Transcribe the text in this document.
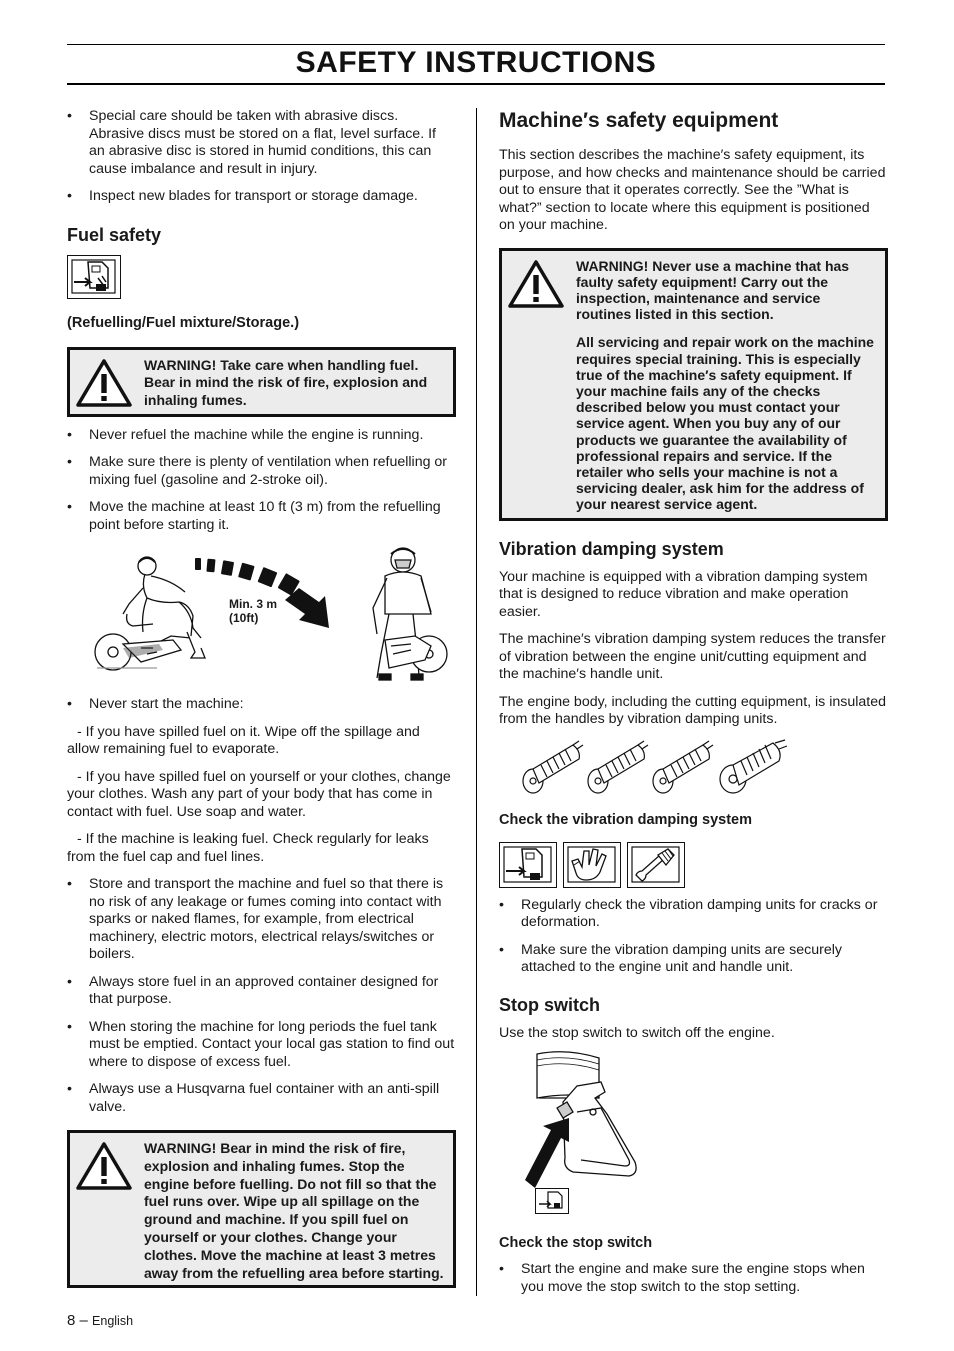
SAFETY INSTRUCTIONS
• Special care should be taken with abrasive discs. Abrasive discs must be stored on a flat, level surface. If an abrasive disc is stored in humid conditions, this can cause imbalance and result in injury.
• Inspect new blades for transport or storage damage.
Fuel safety
(Refuelling/Fuel mixture/Storage.)
WARNING! Take care when handling fuel. Bear in mind the risk of fire, explosion and inhaling fumes.
• Never refuel the machine while the engine is running.
• Make sure there is plenty of ventilation when refuelling or mixing fuel (gasoline and 2-stroke oil).
• Move the machine at least 10 ft (3 m) from the refuelling point before starting it.
Min. 3 m
(10ft)
• Never start the machine:

- If you have spilled fuel on it. Wipe off the spillage and allow remaining fuel to evaporate.

- If you have spilled fuel on yourself or your clothes, change your clothes. Wash any part of your body that has come in contact with fuel. Use soap and water.

- If the machine is leaking fuel. Check regularly for leaks from the fuel cap and fuel lines.

• Store and transport the machine and fuel so that there is no risk of any leakage or fumes coming into contact with sparks or naked flames, for example, from electrical machinery, electric motors, electrical relays/switches or boilers.
• Always store fuel in an approved container designed for that purpose.
• When storing the machine for long periods the fuel tank must be emptied. Contact your local gas station to find out where to dispose of excess fuel.
• Always use a Husqvarna fuel container with an anti-spill valve.
WARNING! Bear in mind the risk of fire, explosion and inhaling fumes. Stop the engine before fuelling. Do not fill so that the fuel runs over. Wipe up all spillage on the ground and machine. If you spill fuel on yourself or your clothes. Change your clothes. Move the machine at least 3 metres away from the refuelling area before starting.
Machine′s safety equipment

This section describes the machine′s safety equipment, its purpose, and how checks and maintenance should be carried out to ensure that it operates correctly. See the ”What is what?” section to locate where this equipment is positioned on your machine.

WARNING! Never use a machine that has faulty safety equipment! Carry out the inspection, maintenance and service routines listed in this section.

All servicing and repair work on the machine requires special training. This is especially true of the machine′s safety equipment. If your machine fails any of the checks described below you must contact your service agent. When you buy any of our products we guarantee the availability of professional repairs and service. If the retailer who sells your machine is not a servicing dealer, ask him for the address of your nearest service agent.

Vibration damping system

Your machine is equipped with a vibration damping system that is designed to reduce vibration and make operation easier.

The machine′s vibration damping system reduces the transfer of vibration between the engine unit/cutting equipment and the machine′s handle unit.

The engine body, including the cutting equipment, is insulated from the handles by vibration damping units.

Check the vibration damping system
• Regularly check the vibration damping units for cracks or deformation.
• Make sure the vibration damping units are securely attached to the engine unit and handle unit.
Stop switch

Use the stop switch to switch off the engine.

Check the stop switch
• Start the engine and make sure the engine stops when you move the stop switch to the stop setting.
8 – English
